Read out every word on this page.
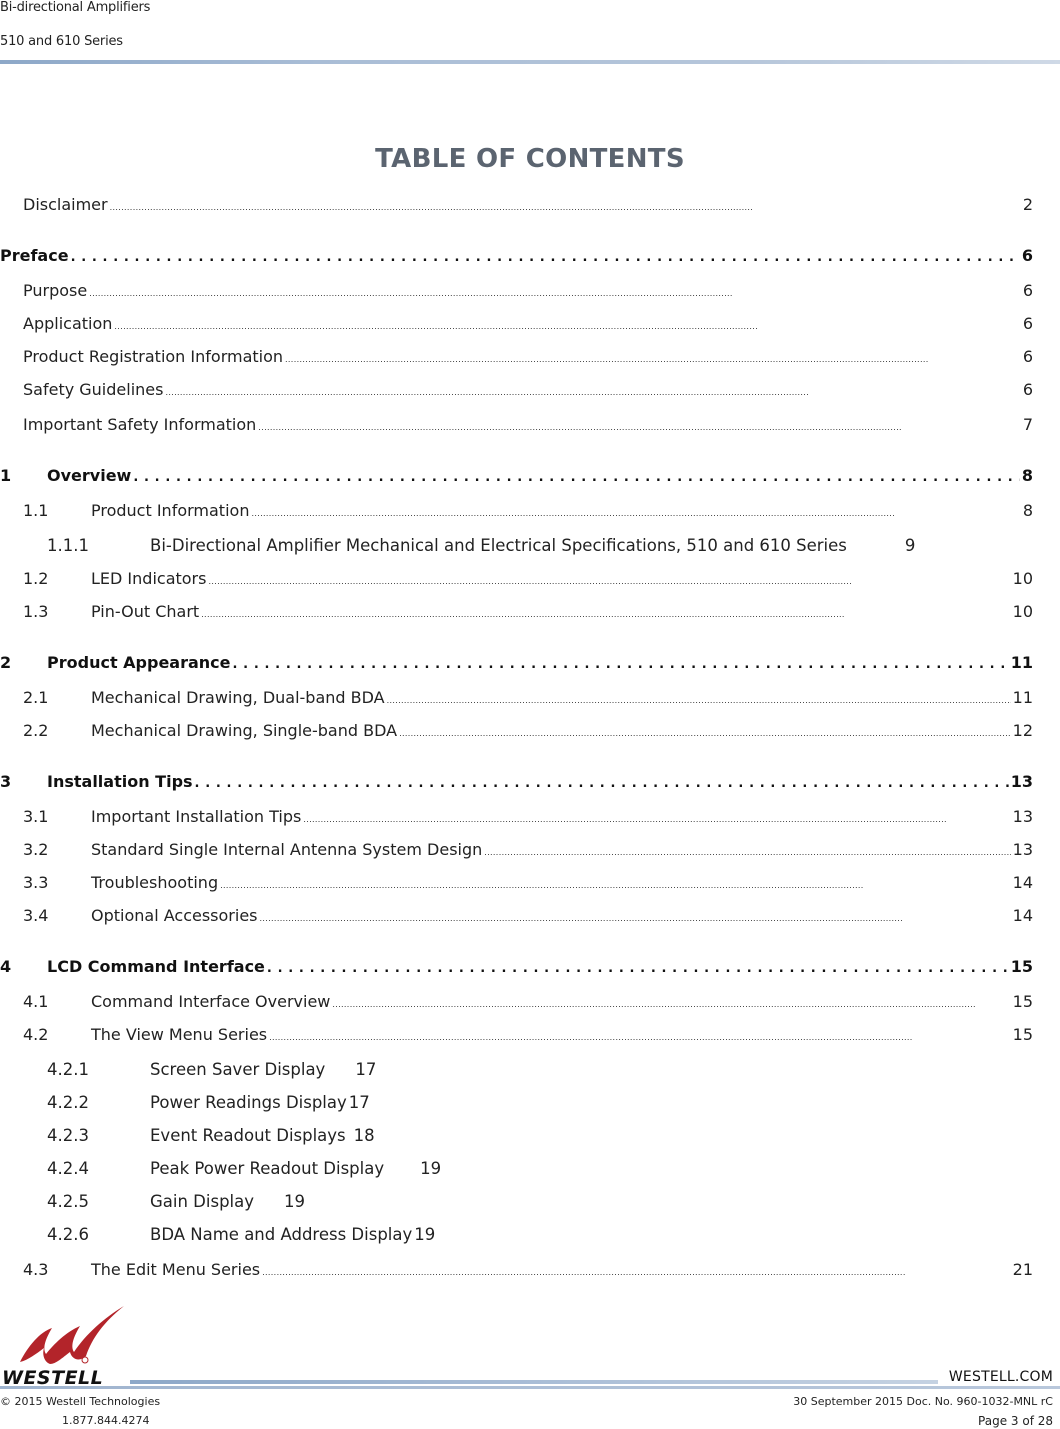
Bi-directional Amplifiers
510 and 610 Series
TABLE OF CONTENTS
Disclaimer . . .	2
Preface . . .	6
Purpose . . .	6
Application . . .	6
Product Registration Information . . .	6
Safety Guidelines . . .	6
Important Safety Information . . .	7
1	Overview . . .	8
1.1	Product Information . . .	8
1.1.1	Bi-Directional Amplifier Mechanical and Electrical Specifications, 510 and 610 Series	9
1.2	LED Indicators . . .	10
1.3	Pin-Out Chart . . .	10
2	Product Appearance . . .	11
2.1	Mechanical Drawing, Dual-band BDA . . .	11
2.2	Mechanical Drawing, Single-band BDA . . .	12
3	Installation Tips . . .	13
3.1	Important Installation Tips . . .	13
3.2	Standard Single Internal Antenna System Design . . .	13
3.3	Troubleshooting . . .	14
3.4	Optional Accessories . . .	14
4	LCD Command Interface . . .	15
4.1	Command Interface Overview . . .	15
4.2	The View Menu Series . . .	15
4.2.1	Screen Saver Display 17
4.2.2	Power Readings Display 17
4.2.3	Event Readout Displays 18
4.2.4	Peak Power Readout Display 19
4.2.5	Gain Display 19
4.2.6	BDA Name and Address Display 19
4.3	The Edit Menu Series . . .	21
WESTELL	WESTELL.COM
© 2015 Westell Technologies
1.877.844.4274
30 September 2015 Doc. No. 960-1032-MNL rC
Page 3 of 28
